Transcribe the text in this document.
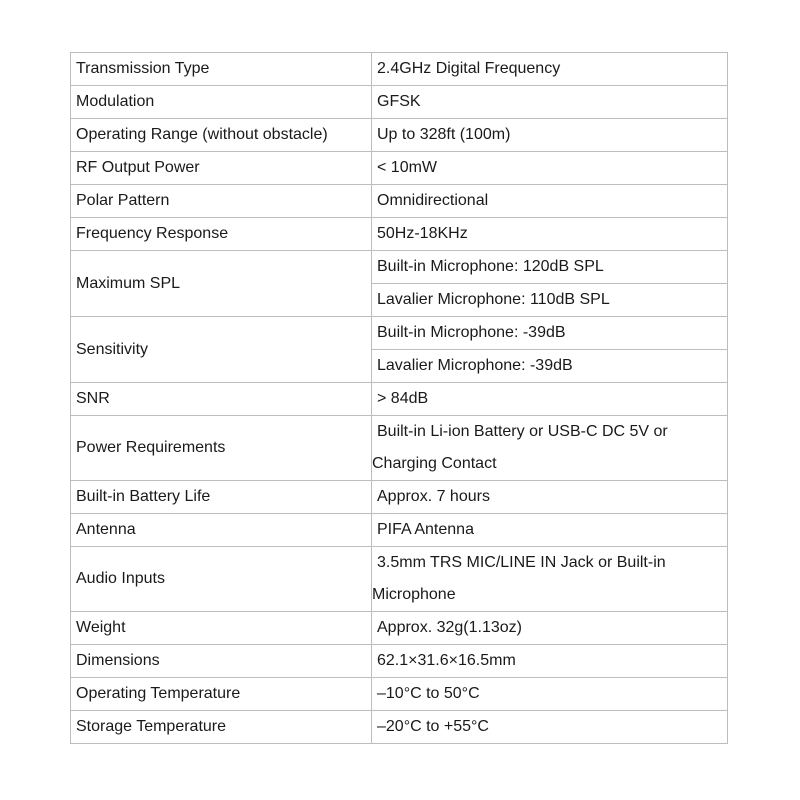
Transmission Type	2.4GHz Digital Frequency
Modulation	GFSK
Operating Range (without obstacle)	Up to 328ft (100m)
RF Output Power	< 10mW
Polar Pattern	Omnidirectional
Frequency Response	50Hz-18KHz
Maximum SPL	Built-in Microphone: 120dB SPL
	Lavalier Microphone: 110dB SPL
Sensitivity	Built-in Microphone: -39dB
	Lavalier Microphone: -39dB
SNR	> 84dB
Power Requirements	Built-in Li-ion Battery or USB-C DC 5V or
Charging Contact

Built-in Battery Life	Approx. 7 hours
Antenna	PIFA Antenna
Audio Inputs	3.5mm TRS MIC/LINE IN Jack or Built-in
Microphone

Weight	Approx. 32g(1.13oz)
Dimensions	62.1×31.6×16.5mm
Operating Temperature	–10°C to 50°C
Storage Temperature	–20°C to +55°C
